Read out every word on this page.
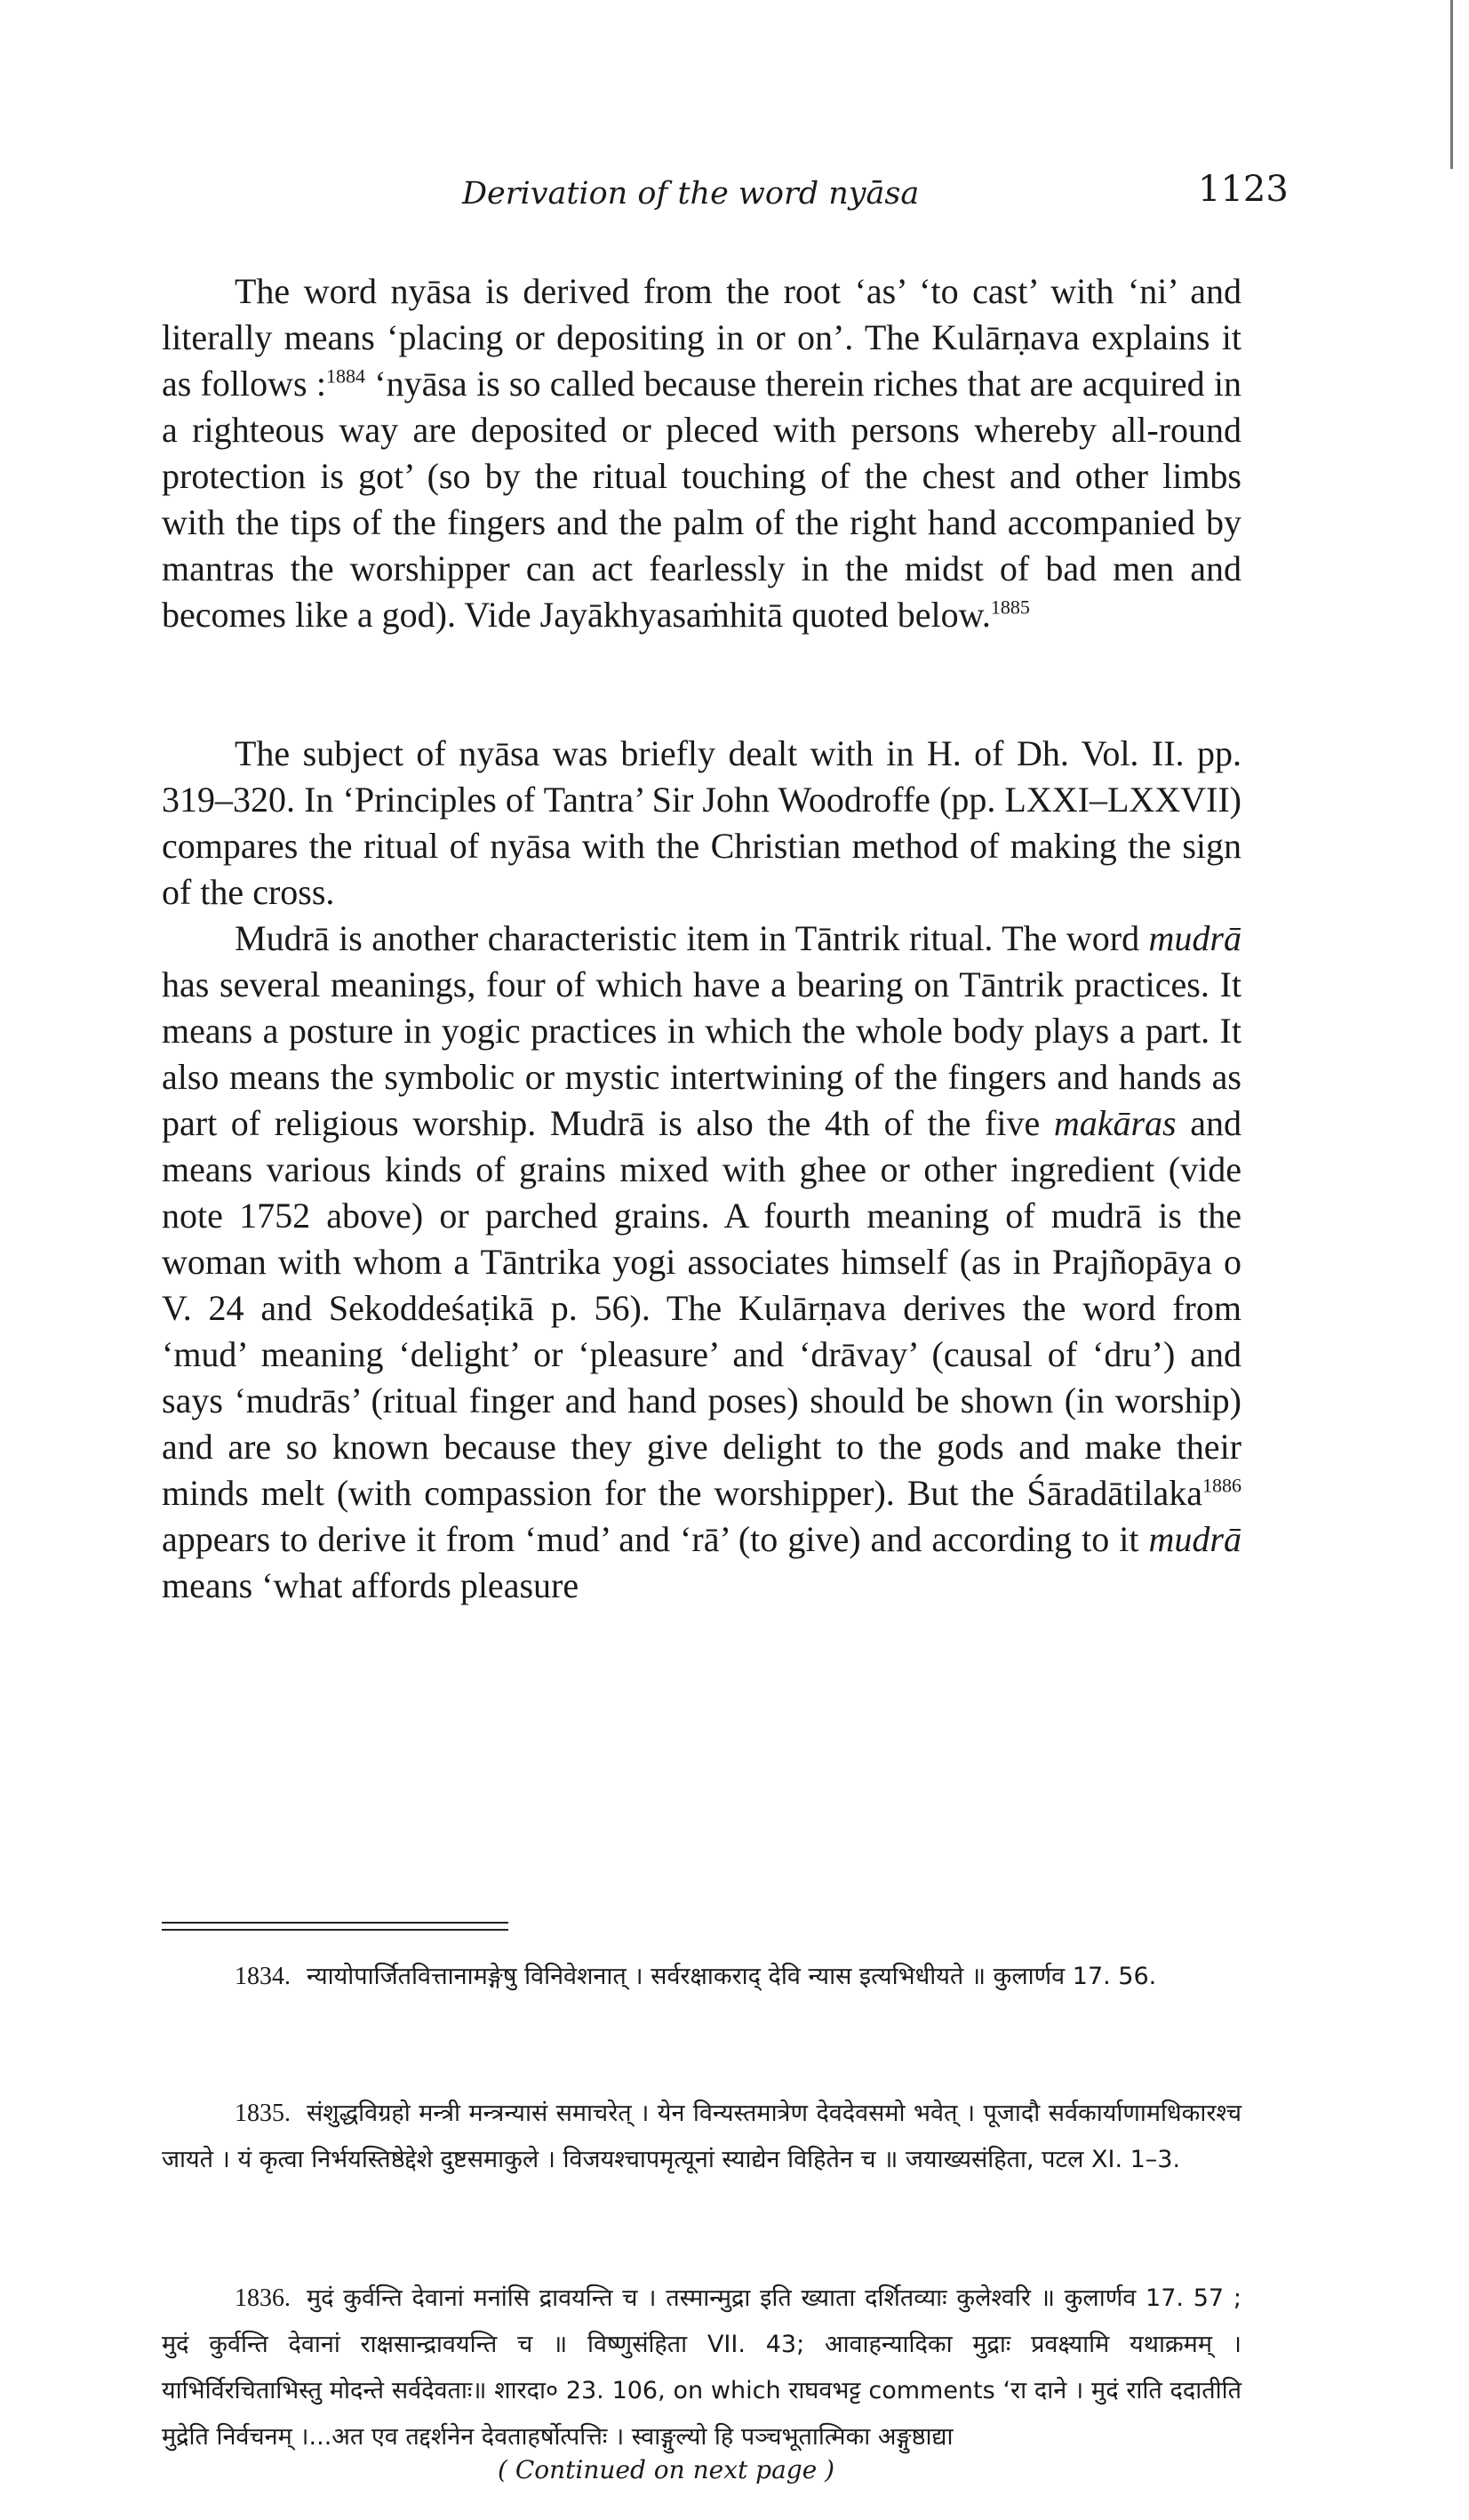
Derivation of the word nyāsa	1123

The word nyāsa is derived from the root ‘as’ ‘to cast’ with ‘ni’ and literally means ‘placing or depositing in or on’. The Kulārṇava explains it as follows :$^{1884}$ ‘nyāsa is so called because therein riches that are acquired in a righteous way are deposited or pleced with persons whereby all-round protection is got’ (so by the ritual touching of the chest and other limbs with the tips of the fingers and the palm of the right hand accompanied by mantras the worshipper can act fearlessly in the midst of bad men and becomes like a god). Vide Jayākhyasaṁhitā quoted below.$^{1885}$

The subject of nyāsa was briefly dealt with in H. of Dh. Vol. II. pp. 319–320. In ‘Principles of Tantra’ Sir John Woodroffe (pp. LXXI–LXXVII) compares the ritual of nyāsa with the Christian method of making the sign of the cross.

Mudrā is another characteristic item in Tāntrik ritual. The word mudrā has several meanings, four of which have a bearing on Tāntrik practices. It means a posture in yogic practices in which the whole body plays a part. It also means the symbolic or mystic intertwining of the fingers and hands as part of religious worship. Mudrā is also the 4th of the five makāras and means various kinds of grains mixed with ghee or other ingredient (vide note 1752 above) or parched grains. A fourth meaning of mudrā is the woman with whom a Tāntrika yogi associates himself (as in Prajñopāya o V. 24 and Sekoddeśaṭikā p. 56). The Kulārṇava derives the word from ‘mud’ meaning ‘delight’ or ‘pleasure’ and ‘drāvay’ (causal of ‘dru’) and says ‘mudrās’ (ritual finger and hand poses) should be shown (in worship) and are so known because they give delight to the gods and make their minds melt (with compassion for the worshipper). But the Śāradātilaka$^{1886}$ appears to derive it from ‘mud’ and ‘rā’ (to give) and according to it mudrā means ‘what affords pleasure

1834. न्यायोपार्जितवित्तानामङ्गेषु विनिवेशनात् । सर्वरक्षाकराद् देवि न्यास इत्यभिधीयते ॥ कुलार्णव 17. 56.

1835. संशुद्धविग्रहो मन्त्री मन्त्रन्यासं समाचरेत् । येन विन्यस्तमात्रेण देवदेवसमो भवेत् । पूजादौ सर्वकार्याणामधिकारश्च जायते । यं कृत्वा निर्भयस्तिष्ठेद्देशे दुष्टसमाकुले । विजयश्चापमृत्यूनां स्याद्येन विहितेन च ॥ जयाख्यसंहिता, पटल XI. 1–3.

1836. मुदं कुर्वन्ति देवानां मनांसि द्रावयन्ति च । तस्मान्मुद्रा इति ख्याता दर्शितव्याः कुलेश्वरि ॥ कुलार्णव 17. 57 ; मुदं कुर्वन्ति देवानां राक्षसान्द्रावयन्ति च ॥ विष्णुसंहिता VII. 43; आवाहन्यादिका मुद्राः प्रवक्ष्यामि यथाक्रमम् । याभिर्विरचिताभिस्तु मोदन्ते सर्वदेवताः॥ शारदा० 23. 106, on which राघवभट्ट comments ‘रा दाने । मुदं राति ददातीति मुद्रेति निर्वचनम् ।...अत एव तद्दर्शनेन देवताहर्षोत्पत्तिः । स्वाङ्गुल्यो हि पञ्चभूतात्मिका अङ्गुष्ठाद्या

( Continued on next page )
